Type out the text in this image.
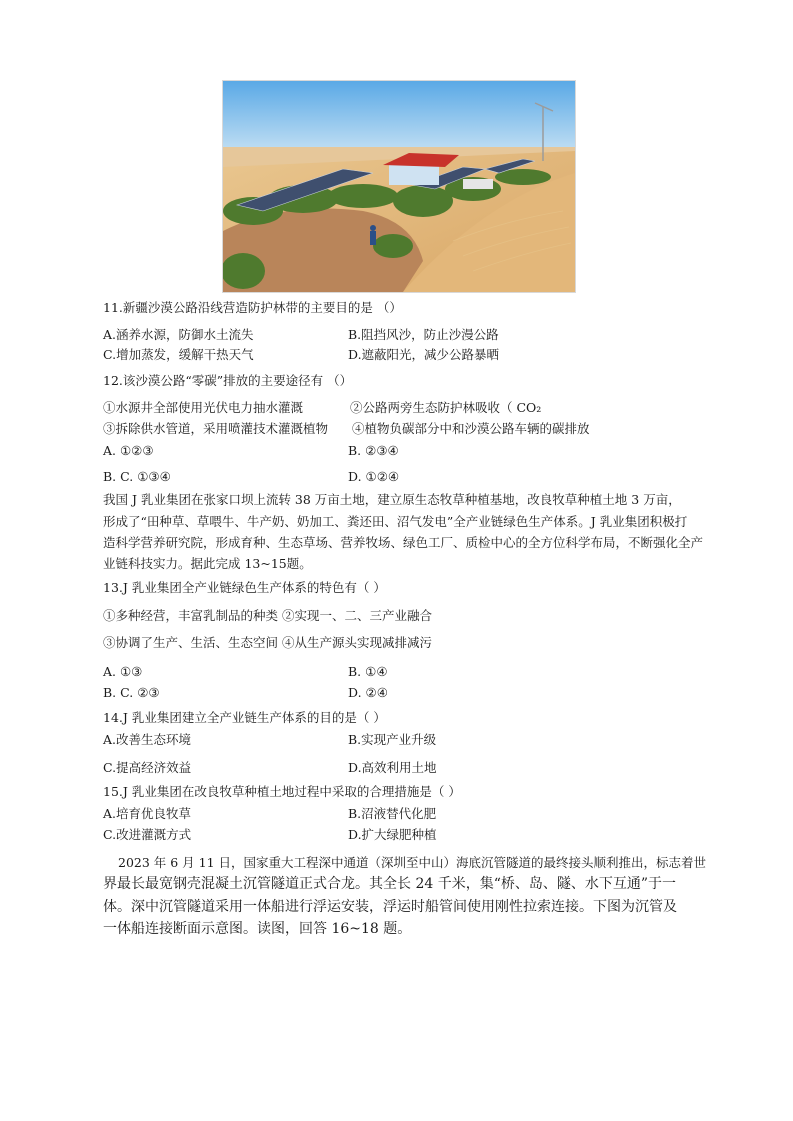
11.新疆沙漠公路沿线营造防护林带的主要目的是 （）
A.涵养水源，防御水土流失	B.阻挡风沙，防止沙漫公路
C.增加蒸发，缓解干热天气	D.遮蔽阳光，减少公路暴晒
12.该沙漠公路“零碳”排放的主要途径有 （）
①水源井全部使用光伏电力抽水灌溉	②公路两旁生态防护林吸收（ CO₂
③拆除供水管道，采用喷灌技术灌溉植物 ④植物负碳部分中和沙漠公路车辆的碳排放
A. ①②③	B. ②③④
B. C. ①③④	D. ①②④
我国 J 乳业集团在张家口坝上流转 38 万亩土地，建立原生态牧草种植基地，改良牧草种植土地 3 万亩，
形成了“田种草、草喂牛、牛产奶、奶加工、粪还田、沼气发电”全产业链绿色生产体系。J 乳业集团积极打
造科学营养研究院，形成育种、生态草场、营养牧场、绿色工厂、质检中心的全方位科学布局，不断强化全产
业链科技实力。据此完成 13~15题。
13.J 乳业集团全产业链绿色生产体系的特色有（ ）
①多种经营，丰富乳制品的种类 ②实现一、二、三产业融合
③协调了生产、生活、生态空间 ④从生产源头实现减排减污
A. ①③	B. ①④
B. C. ②③	D. ②④
14.J 乳业集团建立全产业链生产体系的目的是（ ）
A.改善生态环境	B.实现产业升级
C.提高经济效益	D.高效利用土地
15.J 乳业集团在改良牧草种植土地过程中采取的合理措施是（ ）
A.培育优良牧草	B.沼液替代化肥
C.改进灌溉方式	D.扩大绿肥种植
2023 年 6 月 11 日，国家重大工程深中通道（深圳至中山）海底沉管隧道的最终接头顺利推出，标志着世
界最长最宽钢壳混凝土沉管隧道正式合龙。其全长 24 千米，集“桥、岛、隧、水下互通”于一
体。深中沉管隧道采用一体船进行浮运安装，浮运时船管间使用刚性拉索连接。下图为沉管及
一体船连接断面示意图。读图，回答 16~18 题。
